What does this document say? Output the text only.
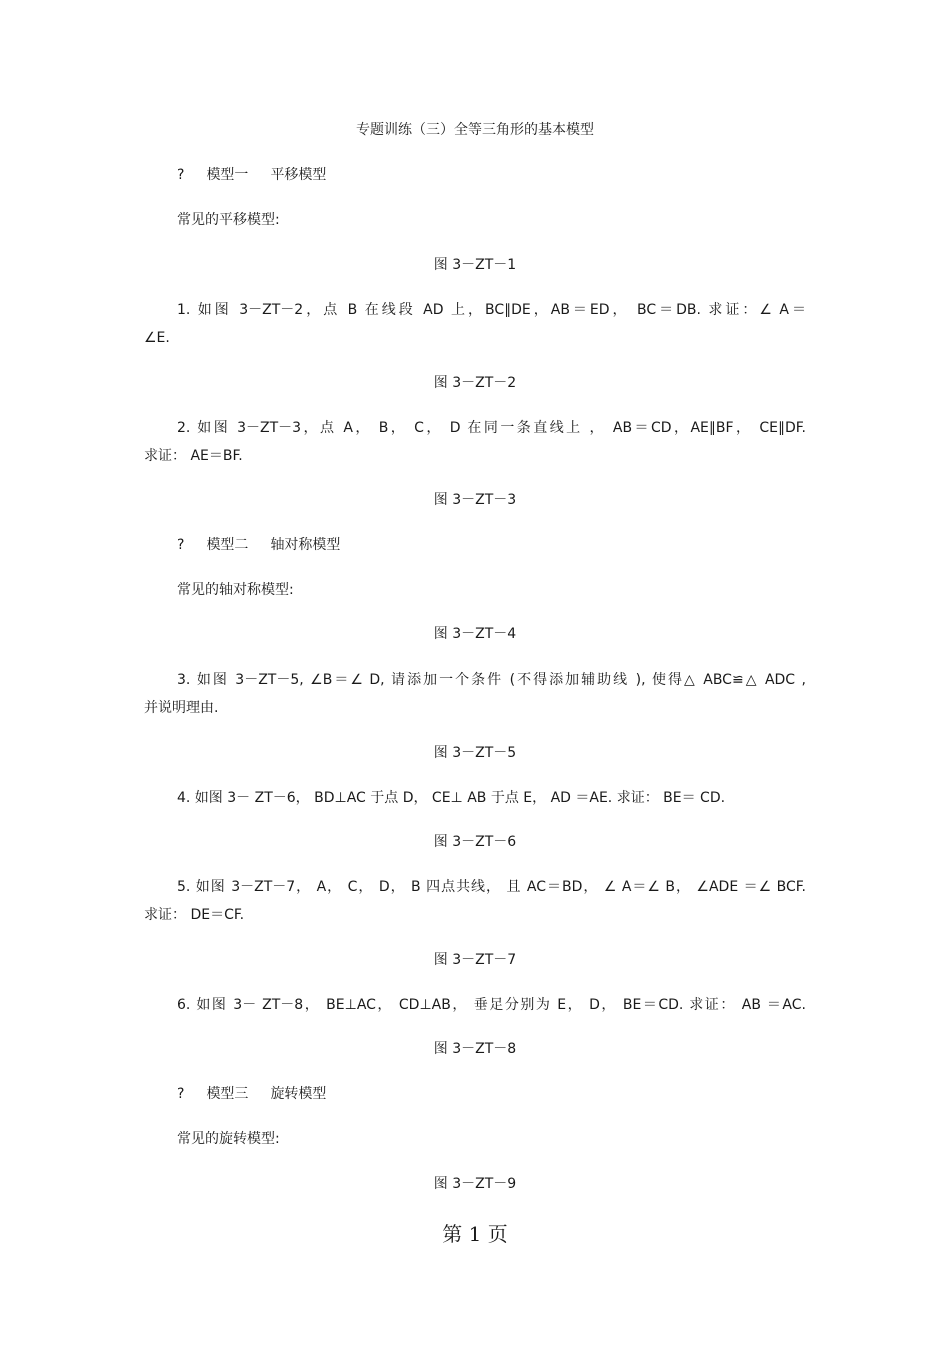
专题训练（三）全等三角形的基本模型
? 模型一 平移模型
常见的平移模型:
图 3－ZT－1
1. 如图 3－ZT－2，点 B 在线段 AD 上，BC∥DE，AB＝ED， BC＝DB. 求证：∠ A＝
∠E.
图 3－ZT－2
2. 如图 3－ZT－3，点 A， B， C， D 在同一条直线上 ， AB＝CD，AE∥BF， CE∥DF.
求证： AE＝BF.
图 3－ZT－3
? 模型二 轴对称模型
常见的轴对称模型:
图 3－ZT－4
3. 如图 3－ZT－5, ∠B＝∠ D, 请添加一个条件 (不得添加辅助线 ), 使得△ ABC≌△ ADC ,
并说明理由.
图 3－ZT－5
4. 如图 3－ ZT－6， BD⊥AC 于点 D， CE⊥ AB 于点 E， AD ＝AE. 求证： BE＝ CD.
图 3－ZT－6
5. 如图 3－ZT－7， A， C， D， B 四点共线， 且 AC＝BD， ∠ A＝∠ B， ∠ADE ＝∠ BCF.
求证： DE＝CF.
图 3－ZT－7
6. 如图 3－ ZT－8， BE⊥AC， CD⊥AB， 垂足分别为 E， D， BE＝CD. 求证： AB ＝AC.
图 3－ZT－8
? 模型三 旋转模型
常见的旋转模型:
图 3－ZT－9
第 1 页
